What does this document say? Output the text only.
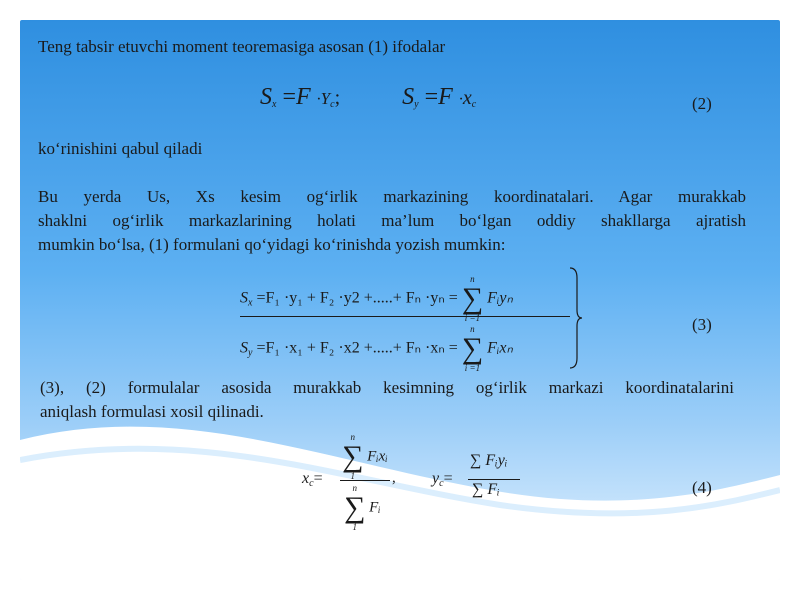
Teng tabsir etuvchi moment teoremasiga asosan (1) ifodalar
$S_x =F \cdot Y_c$;	$S_y =F \cdot x_c$	(2)
ko‘rinishini qabul qiladi
Bu yerda Us, Xs kesim og‘irlik markazining koordinatalari. Agar murakkab
shaklni og‘irlik markazlarining holati ma’lum bo‘lgan oddiy shakllarga ajratish
mumkin bo‘lsa, (1) formulani qo‘yidagi ko‘rinishda yozish mumkin:
$S_x =F_1 \cdot y_1 + F_2 \cdot y2$ +.....+ Fₙ ·yₙ =
n
∑
i =1
Fᵢyₙ
$S_y =F_1 \cdot x_1 + F_2 \cdot x2$ +.....+ Fₙ ·xₙ =
n
∑
i =1
Fᵢxₙ
(3)
(3), (2) formulalar asosida murakkab kesimning og‘irlik markazi koordinatalarini
aniqlash formulasi xosil qilinadi.
$x_c=$
n
∑
1
Fᵢxᵢ
n
∑
1
Fᵢ
, $y_c=$
∑ Fᵢyᵢ
∑ Fᵢ	(4)
